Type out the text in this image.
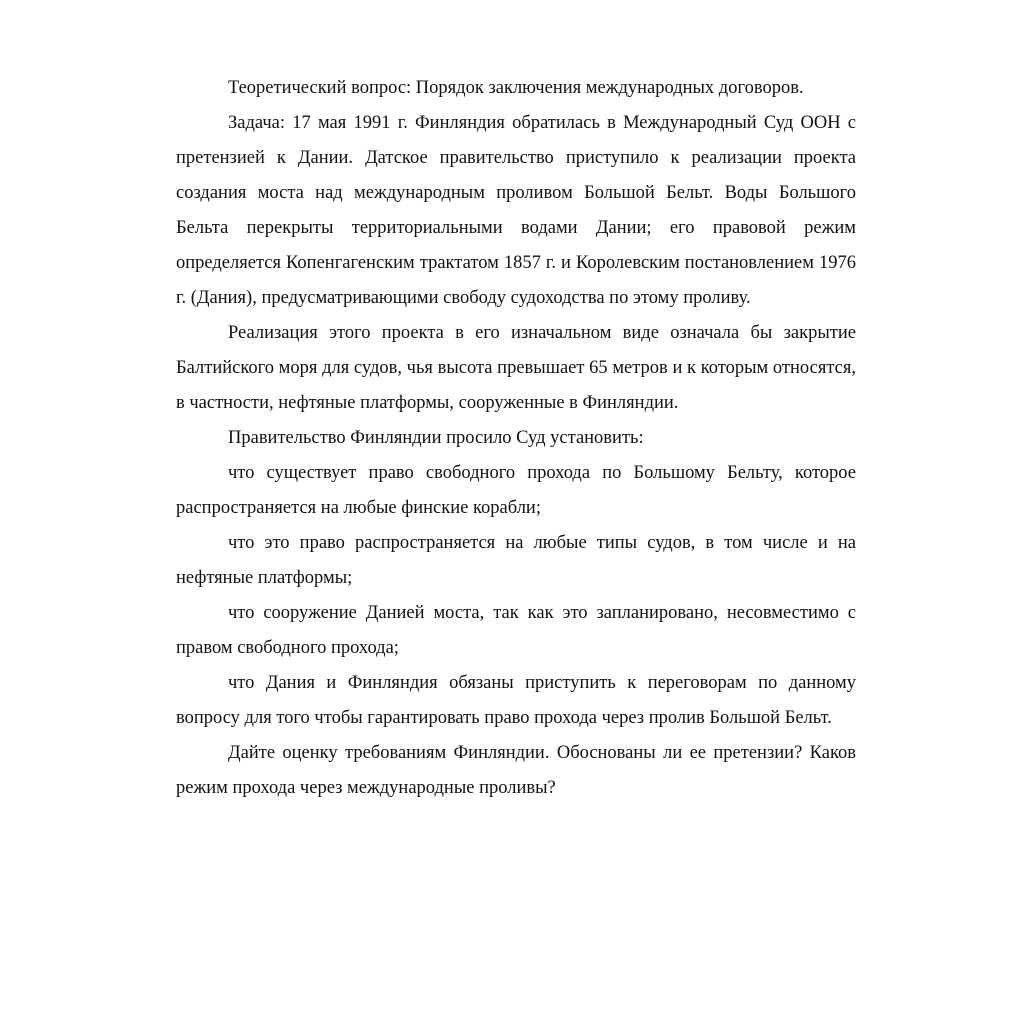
Теоретический вопрос: Порядок заключения международных договоров.

Задача: 17 мая 1991 г. Финляндия обратилась в Международный Суд ООН с претензией к Дании. Датское правительство приступило к реализации проекта создания моста над международным проливом Большой Бельт. Воды Большого Бельта перекрыты территориальными водами Дании; его правовой режим определяется Копенгагенским трактатом 1857 г. и Королевским постановлением 1976 г. (Дания), предусматривающими свободу судоходства по этому проливу.

Реализация этого проекта в его изначальном виде означала бы закрытие Балтийского моря для судов, чья высота превышает 65 метров и к которым относятся, в частности, нефтяные платформы, сооруженные в Финляндии.

Правительство Финляндии просило Суд установить:

что существует право свободного прохода по Большому Бельту, которое распространяется на любые финские корабли;

что это право распространяется на любые типы судов, в том числе и на нефтяные платформы;

что сооружение Данией моста, так как это запланировано, несовместимо с правом свободного прохода;

что Дания и Финляндия обязаны приступить к переговорам по данному вопросу для того чтобы гарантировать право прохода через пролив Большой Бельт.

Дайте оценку требованиям Финляндии. Обоснованы ли ее претензии? Каков режим прохода через международные проливы?
